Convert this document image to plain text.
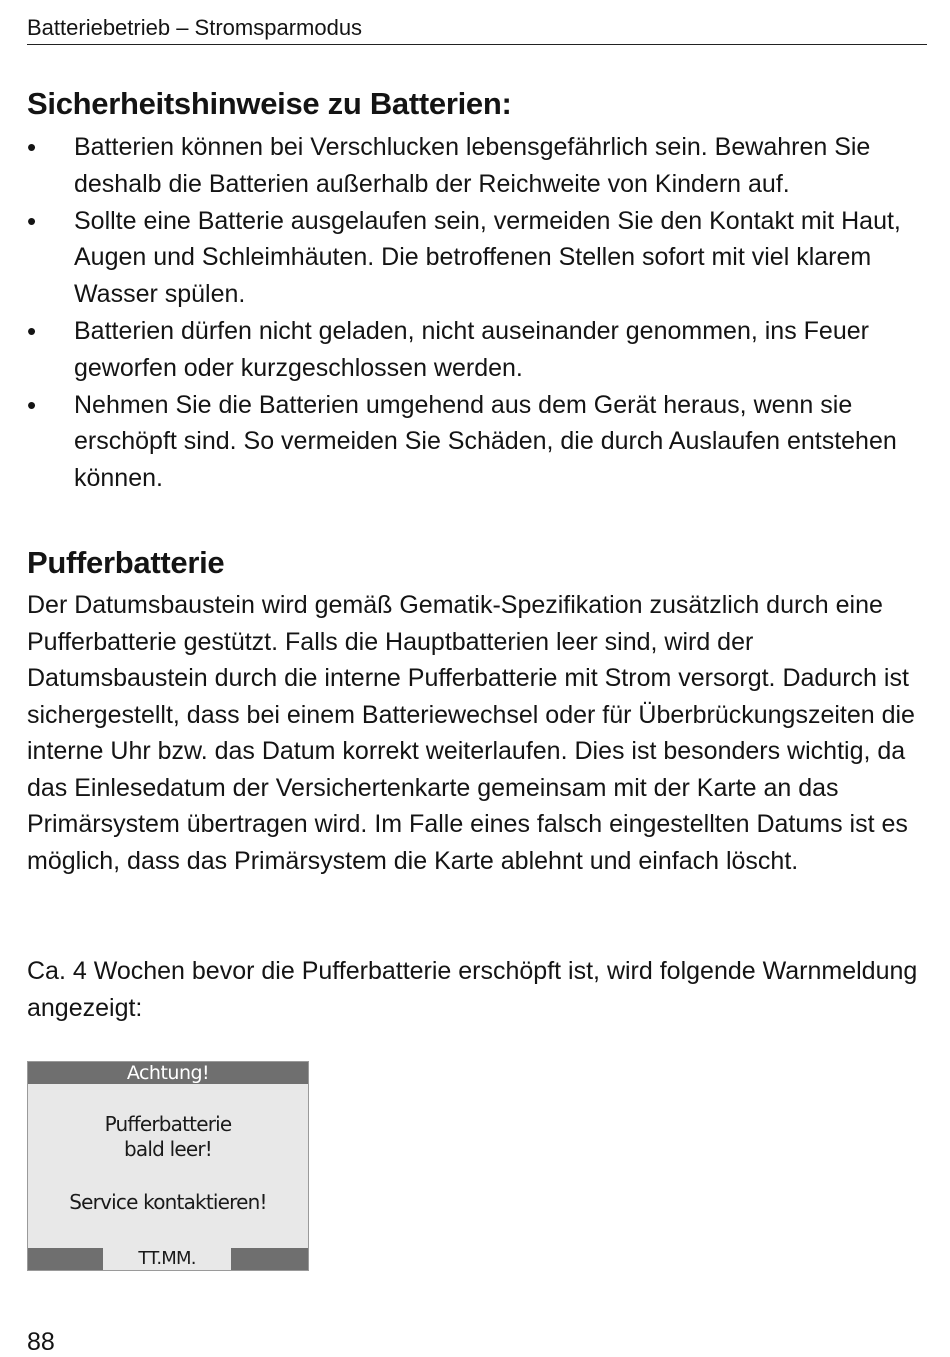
Batteriebetrieb – Stromsparmodus
Sicherheitshinweise zu Batterien:
• Batterien können bei Verschlucken lebensgefährlich sein. Bewahren Sie deshalb die Batterien außerhalb der Reichweite von Kindern auf.
• Sollte eine Batterie ausgelaufen sein, vermeiden Sie den Kontakt mit Haut, Augen und Schleimhäuten. Die betroffenen Stellen sofort mit viel klarem Wasser spülen.
• Batterien dürfen nicht geladen, nicht auseinander genommen, ins Feuer geworfen oder kurzgeschlossen werden.
• Nehmen Sie die Batterien umgehend aus dem Gerät heraus, wenn sie erschöpft sind. So vermeiden Sie Schäden, die durch Auslaufen entstehen können.
Pufferbatterie

Der Datumsbaustein wird gemäß Gematik-Spezifikation zusätzlich durch eine Pufferbatterie gestützt. Falls die Hauptbatterien leer sind, wird der Datumsbaustein durch die interne Pufferbatterie mit Strom versorgt. Dadurch ist sichergestellt, dass bei einem Batteriewechsel oder für Überbrückungszeiten die interne Uhr bzw. das Datum korrekt weiterlaufen. Dies ist besonders wichtig, da das Einlesedatum der Versichertenkarte gemeinsam mit der Karte an das Primärsystem übertragen wird. Im Falle eines falsch eingestellten Datums ist es möglich, dass das Primärsystem die Karte ablehnt und einfach löscht.

Ca. 4 Wochen bevor die Pufferbatterie erschöpft ist, wird folgende Warnmeldung angezeigt:

Achtung!
Pufferbatterie
bald leer!
Service kontaktieren!
TT.MM.
88
